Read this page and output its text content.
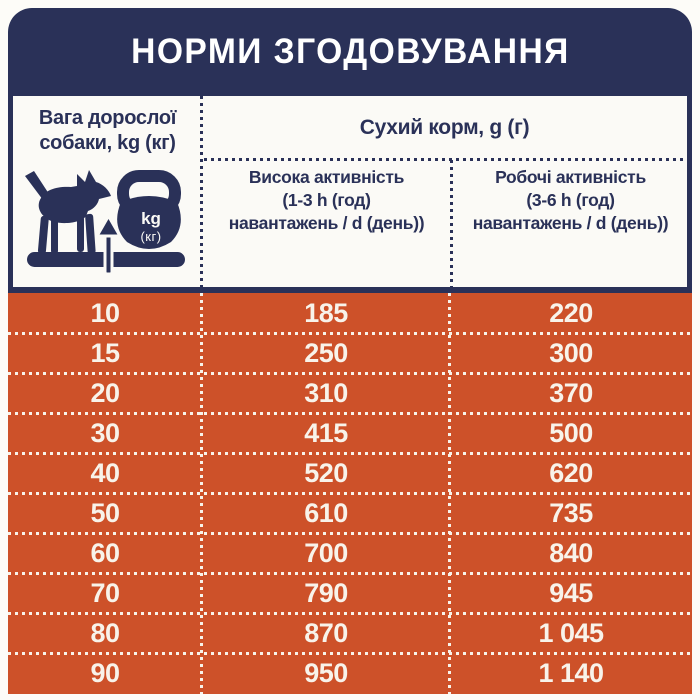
НОРМИ ЗГОДОВУВАННЯ
Вага дорослої
собаки, kg (кг)
kg
(кг)
Сухий корм, g (г)
Висока активність
(1-3 h (год)
навантажень / d (день))
Робочі активність
(3-6 h (год)
навантажень / d (день))
10	185	220
15	250	300
20	310	370
30	415	500
40	520	620
50	610	735
60	700	840
70	790	945
80	870	1 045
90	950	1 140
